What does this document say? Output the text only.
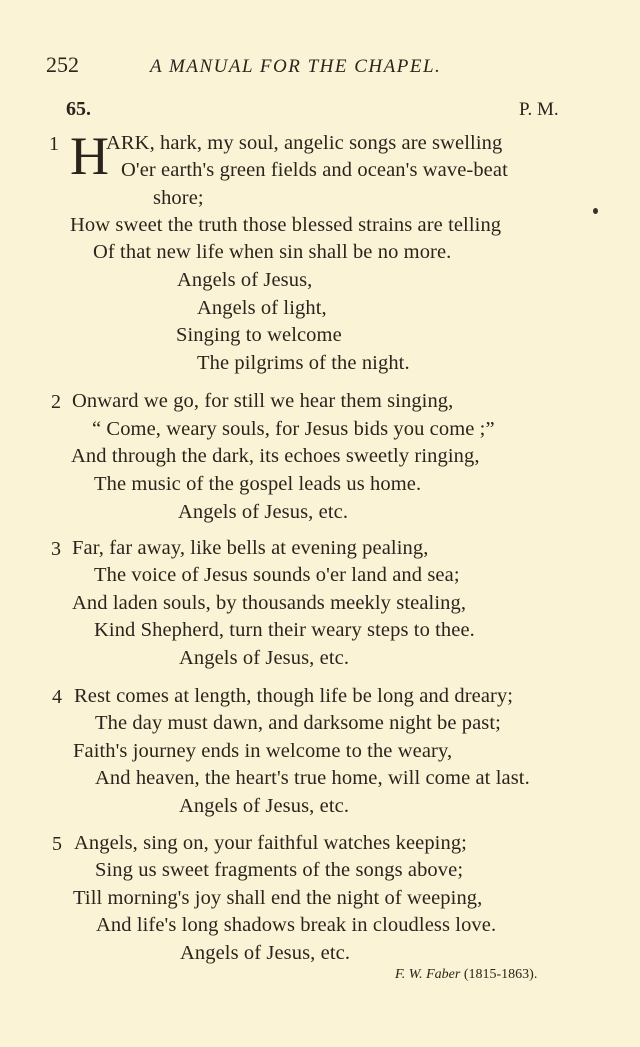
252	A MANUAL FOR THE CHAPEL.
65.	P. M.
1 H
ARK, hark, my soul, angelic songs are swelling
O'er earth's green fields and ocean's wave-beat
shore;
How sweet the truth those blessed strains are telling
Of that new life when sin shall be no more.
Angels of Jesus,
Angels of light,
Singing to welcome
The pilgrims of the night.
2 Onward we go, for still we hear them singing,
“ Come, weary souls, for Jesus bids you come ;”
And through the dark, its echoes sweetly ringing,
The music of the gospel leads us home.
Angels of Jesus, etc.
3 Far, far away, like bells at evening pealing,
The voice of Jesus sounds o'er land and sea;
And laden souls, by thousands meekly stealing,
Kind Shepherd, turn their weary steps to thee.
Angels of Jesus, etc.
4 Rest comes at length, though life be long and dreary;
The day must dawn, and darksome night be past;
Faith's journey ends in welcome to the weary,
And heaven, the heart's true home, will come at last.
Angels of Jesus, etc.
5 Angels, sing on, your faithful watches keeping;
Sing us sweet fragments of the songs above;
Till morning's joy shall end the night of weeping,
And life's long shadows break in cloudless love.
Angels of Jesus, etc.
F. W. Faber (1815-1863).
